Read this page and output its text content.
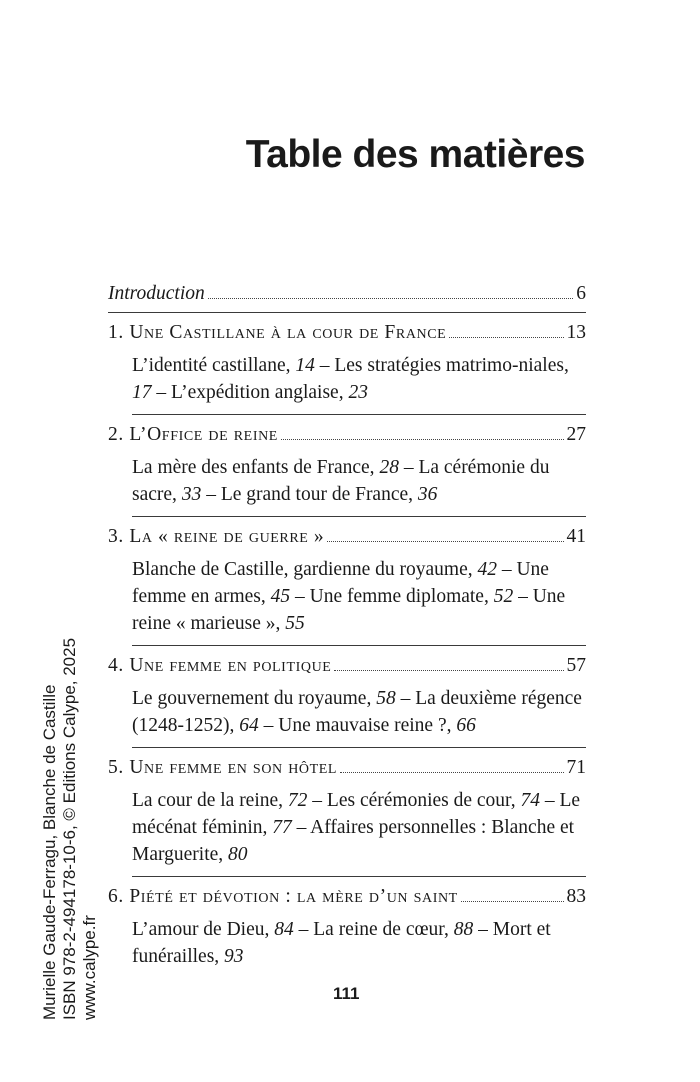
Table des matières
Introduction	6
1. Une Castillane à la cour de France	13
L’identité castillane, 14 – Les stratégies matrimo-niales, 17 – L’expédition anglaise, 23
2. L’Office de reine	27
La mère des enfants de France, 28 – La cérémonie du sacre, 33 – Le grand tour de France, 36
3. La « reine de guerre »	41
Blanche de Castille, gardienne du royaume, 42 – Une femme en armes, 45 – Une femme diplomate, 52 – Une reine « marieuse », 55
4. Une femme en politique	57
Le gouvernement du royaume, 58 – La deuxième régence (1248-1252), 64 – Une mauvaise reine ?, 66
5. Une femme en son hôtel	71
La cour de la reine, 72 – Les cérémonies de cour, 74 – Le mécénat féminin, 77 – Affaires personnelles : Blanche et Marguerite, 80
6. Piété et dévotion : la mère d’un saint	83
L’amour de Dieu, 84 – La reine de cœur, 88 – Mort et funérailles, 93
111
Murielle Gaude-Ferragu, Blanche de Castille ISBN 978-2-494178-10-6, © Editions Calype, 2025 www.calype.fr
